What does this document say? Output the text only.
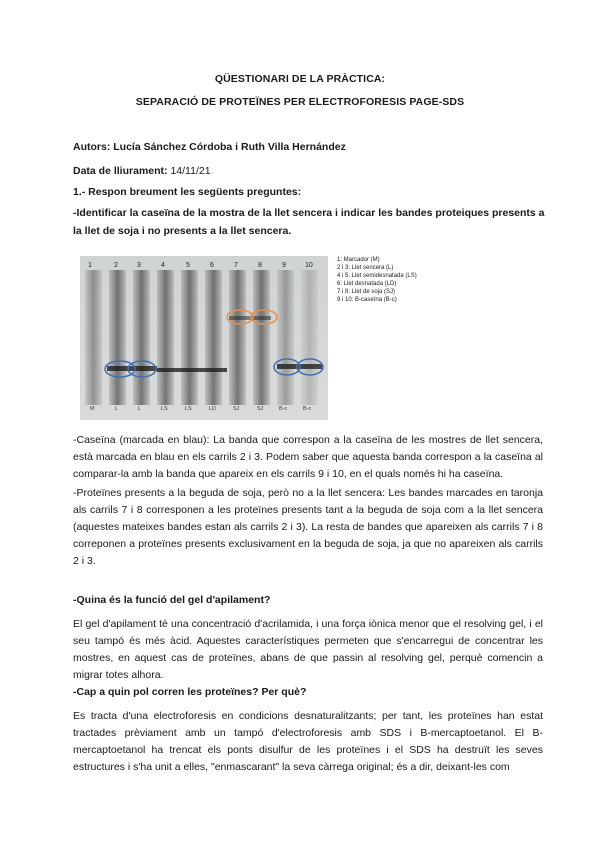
QÜESTIONARI DE LA PRÀCTICA:
SEPARACIÓ DE PROTEÏNES PER ELECTROFORESIS PAGE-SDS
Autors: Lucía Sánchez Córdoba i Ruth Villa Hernández
Data de lliurament: 14/11/21
1.- Respon breument les següents preguntes:
-Identificar la caseïna de la mostra de la llet sencera i indicar les bandes proteiques presents a
la llet de soja i no presents a la llet sencera.
1	2	3	4	5	6	7	8	9	10
M	L	L	LS	LS	LD	SJ	SJ	B-c	B-c
1: Marcador (M)
2 i 3: Llet sencera (L)
4 i 5: Llet semidesnatada (LS)
6: Llet desnatada (LD)
7 i 8: Llet de soja (SJ)
9 i 10: B-caseïna (B-c)
-Caseïna (marcada en blau): La banda que correspon a la caseïna de les mostres de llet sencera, està marcada en blau en els carrils 2 i 3. Podem saber que aquesta banda correspon a la caseïna al comparar-la amb la banda que apareix en els carrils 9 i 10, en el quals només hi ha caseïna.
-Proteïnes presents a la beguda de soja, però no a la llet sencera: Les bandes marcades en taronja als carrils 7 i 8 corresponen a les proteïnes presents tant a la beguda de soja com a la llet sencera (aquestes mateixes bandes estan als carrils 2 i 3). La resta de bandes que apareixen als carrils 7 i 8 correponen a proteïnes presents exclusivament en la beguda de soja, ja que no apareixen als carrils 2 i 3.
-Quina és la funció del gel d'apilament?
El gel d'apilament té una concentració d'acrilamida, i una força iònica menor que el resolving gel, i el seu tampó és més àcid. Aquestes característiques permeten que s'encarregui de concentrar les mostres, en aquest cas de proteïnes, abans de que passin al resolving gel, perquè comencin a migrar totes alhora.
-Cap a quin pol corren les proteïnes? Per què?
Es tracta d'una electroforesis en condicions desnaturalitzants; per tant, les proteïnes han estat tractades prèviament amb un tampó d'electroforesis amb SDS i B-mercaptoetanol. El B-mercaptoetanol ha trencat els ponts disulfur de les proteïnes i el SDS ha destruït les seves estructures i s'ha unit a elles, "enmascarant" la seva càrrega original; és a dir, deixant-les com
